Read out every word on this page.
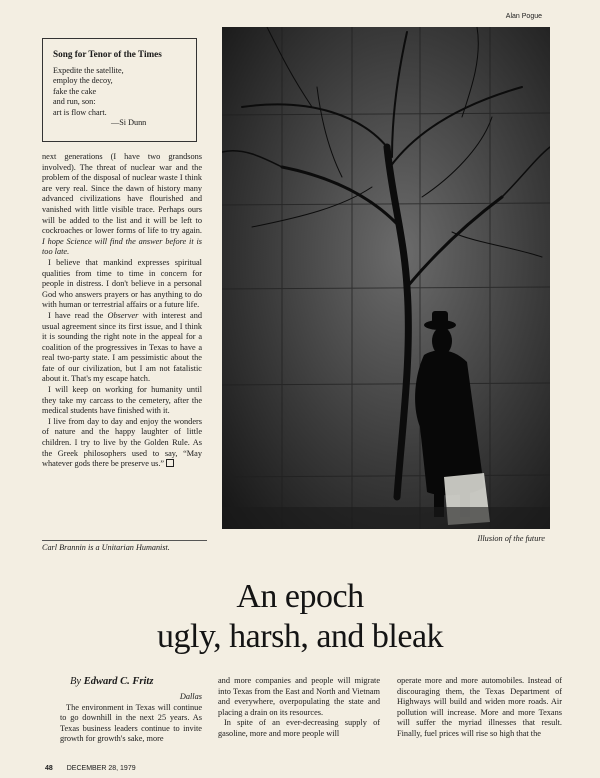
Alan Pogue
Song for Tenor of the Times
Expedite the satellite,
employ the decoy,
fake the cake
and run, son:
art is flow chart.
—Si Dunn

next generations (I have two grandsons involved). The threat of nuclear war and the problem of the disposal of nuclear waste I think are very real. Since the dawn of history many advanced civilizations have flourished and vanished with little visible trace. Perhaps ours will be added to the list and it will be left to cockroaches or lower forms of life to try again. I hope Science will find the answer before it is too late.

I believe that mankind expresses spiritual qualities from time to time in concern for people in distress. I don't believe in a personal God who answers prayers or has anything to do with human or terrestrial affairs or a future life.

I have read the Observer with interest and usual agreement since its first issue, and I think it is sounding the right note in the appeal for a coalition of the progressives in Texas to have a real two-party state. I am pessimistic about the fate of our civilization, but I am not fatalistic about it. That's my escape hatch.

I will keep on working for humanity until they take my carcass to the cemetery, after the medical students have finished with it.

I live from day to day and enjoy the wonders of nature and the happy laughter of little children. I try to live by the Golden Rule. As the Greek philosophers used to say, “May whatever gods there be preserve us.”

Carl Brannin is a Unitarian Humanist.
Illusion of the future
An epoch
ugly, harsh, and bleak
By Edward C. Fritz
Dallas

The environment in Texas will continue to go downhill in the next 25 years. As Texas business leaders continue to invite growth for growth's sake, more

and more companies and people will migrate into Texas from the East and North and Vietnam and everywhere, overpopulating the state and placing a drain on its resources.

In spite of an ever-decreasing supply of gasoline, more and more people will

operate more and more automobiles. Instead of discouraging them, the Texas Department of Highways will build and widen more roads. Air pollution will increase. More and more Texans will suffer the myriad illnesses that result. Finally, fuel prices will rise so high that the

48 DECEMBER 28, 1979
